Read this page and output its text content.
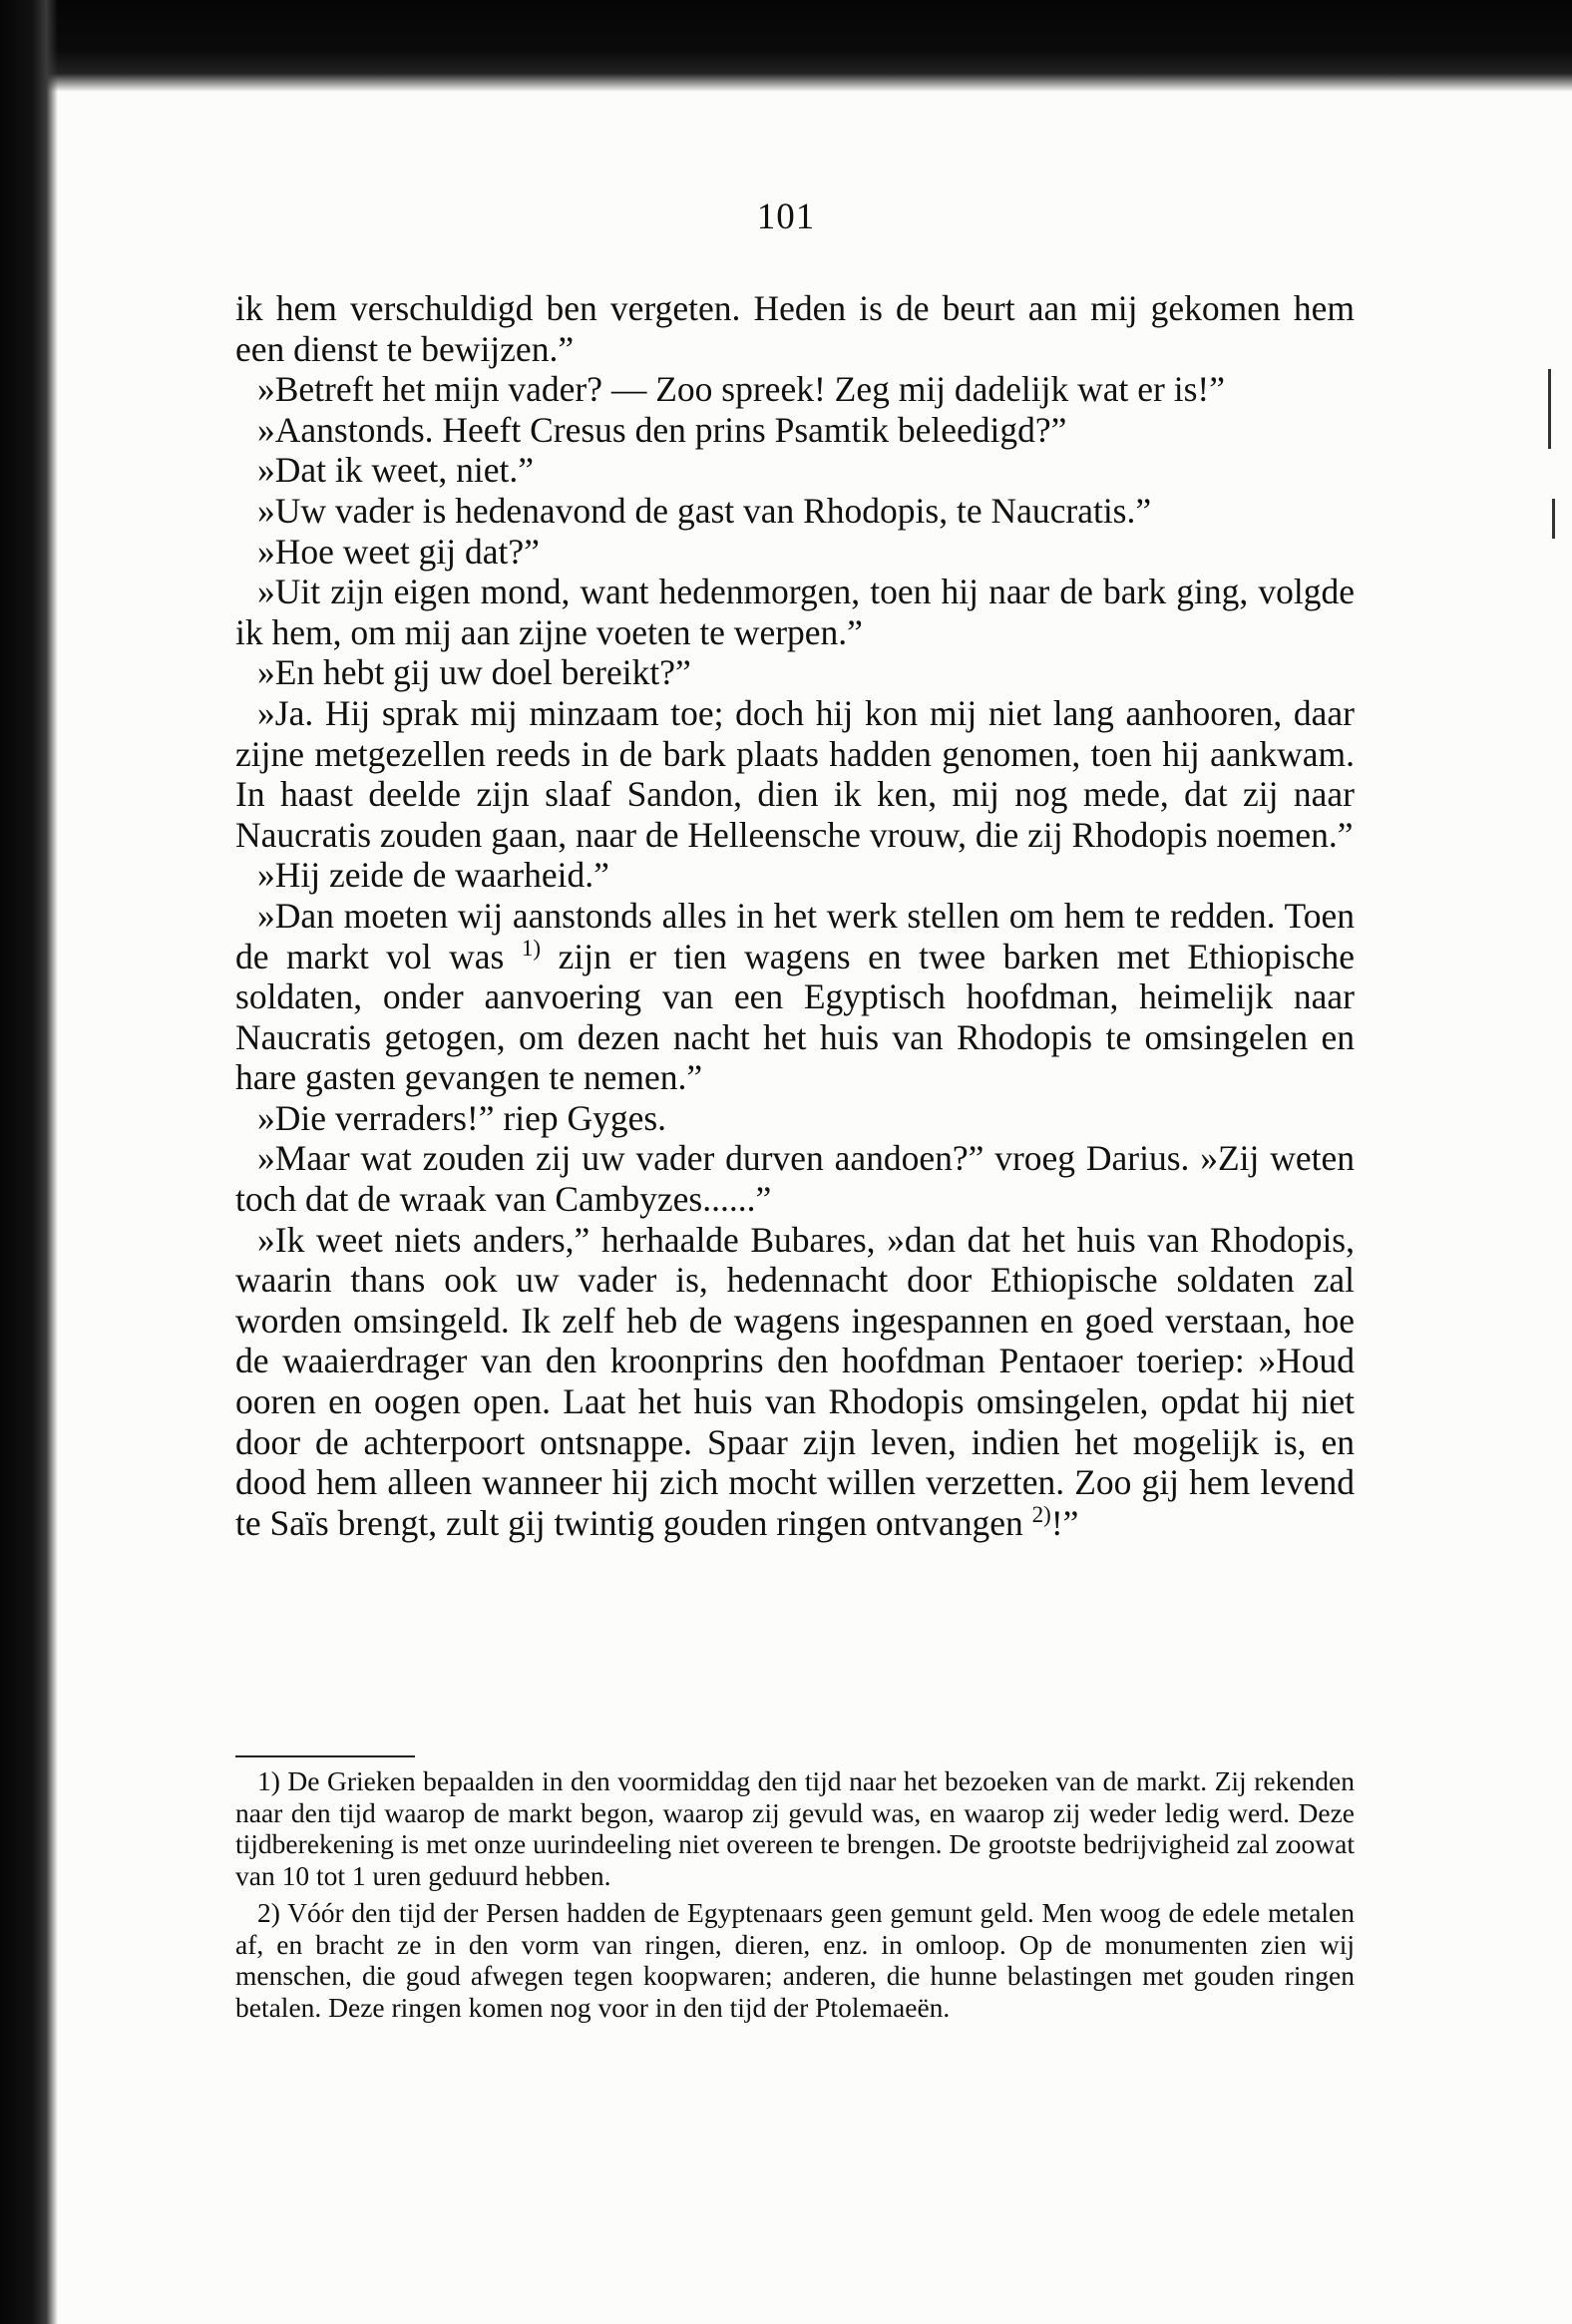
101

ik hem verschuldigd ben vergeten. Heden is de beurt aan mij gekomen hem een dienst te bewijzen.”

»Betreft het mijn vader? — Zoo spreek! Zeg mij dadelijk wat er is!”

»Aanstonds. Heeft Cresus den prins Psamtik beleedigd?”

»Dat ik weet, niet.”

»Uw vader is hedenavond de gast van Rhodopis, te Naucratis.”

»Hoe weet gij dat?”

»Uit zijn eigen mond, want hedenmorgen, toen hij naar de bark ging, volgde ik hem, om mij aan zijne voeten te werpen.”

»En hebt gij uw doel bereikt?”

»Ja. Hij sprak mij minzaam toe; doch hij kon mij niet lang aanhooren, daar zijne metgezellen reeds in de bark plaats hadden genomen, toen hij aankwam. In haast deelde zijn slaaf Sandon, dien ik ken, mij nog mede, dat zij naar Naucratis zouden gaan, naar de Helleensche vrouw, die zij Rhodopis noemen.”

»Hij zeide de waarheid.”

»Dan moeten wij aanstonds alles in het werk stellen om hem te redden. Toen de markt vol was $^{1)}$ zijn er tien wagens en twee barken met Ethiopische soldaten, onder aanvoering van een Egyptisch hoofdman, heimelijk naar Naucratis getogen, om dezen nacht het huis van Rhodopis te omsingelen en hare gasten gevangen te nemen.”

»Die verraders!” riep Gyges.

»Maar wat zouden zij uw vader durven aandoen?” vroeg Darius. »Zij weten toch dat de wraak van Cambyzes......”

»Ik weet niets anders,” herhaalde Bubares, »dan dat het huis van Rhodopis, waarin thans ook uw vader is, hedennacht door Ethiopische soldaten zal worden omsingeld. Ik zelf heb de wagens ingespannen en goed verstaan, hoe de waaierdrager van den kroonprins den hoofdman Pentaoer toeriep: »Houd ooren en oogen open. Laat het huis van Rhodopis omsingelen, opdat hij niet door de achterpoort ontsnappe. Spaar zijn leven, indien het mogelijk is, en dood hem alleen wanneer hij zich mocht willen verzetten. Zoo gij hem levend te Saïs brengt, zult gij twintig gouden ringen ontvangen $^{2)}$!”

1) De Grieken bepaalden in den voormiddag den tijd naar het bezoeken van de markt. Zij rekenden naar den tijd waarop de markt begon, waarop zij gevuld was, en waarop zij weder ledig werd. Deze tijdberekening is met onze uurindeeling niet overeen te brengen. De grootste bedrijvigheid zal zoowat van 10 tot 1 uren geduurd hebben.

2) Vóór den tijd der Persen hadden de Egyptenaars geen gemunt geld. Men woog de edele metalen af, en bracht ze in den vorm van ringen, dieren, enz. in omloop. Op de monumenten zien wij menschen, die goud afwegen tegen koopwaren; anderen, die hunne belastingen met gouden ringen betalen. Deze ringen komen nog voor in den tijd der Ptolemaeën.
